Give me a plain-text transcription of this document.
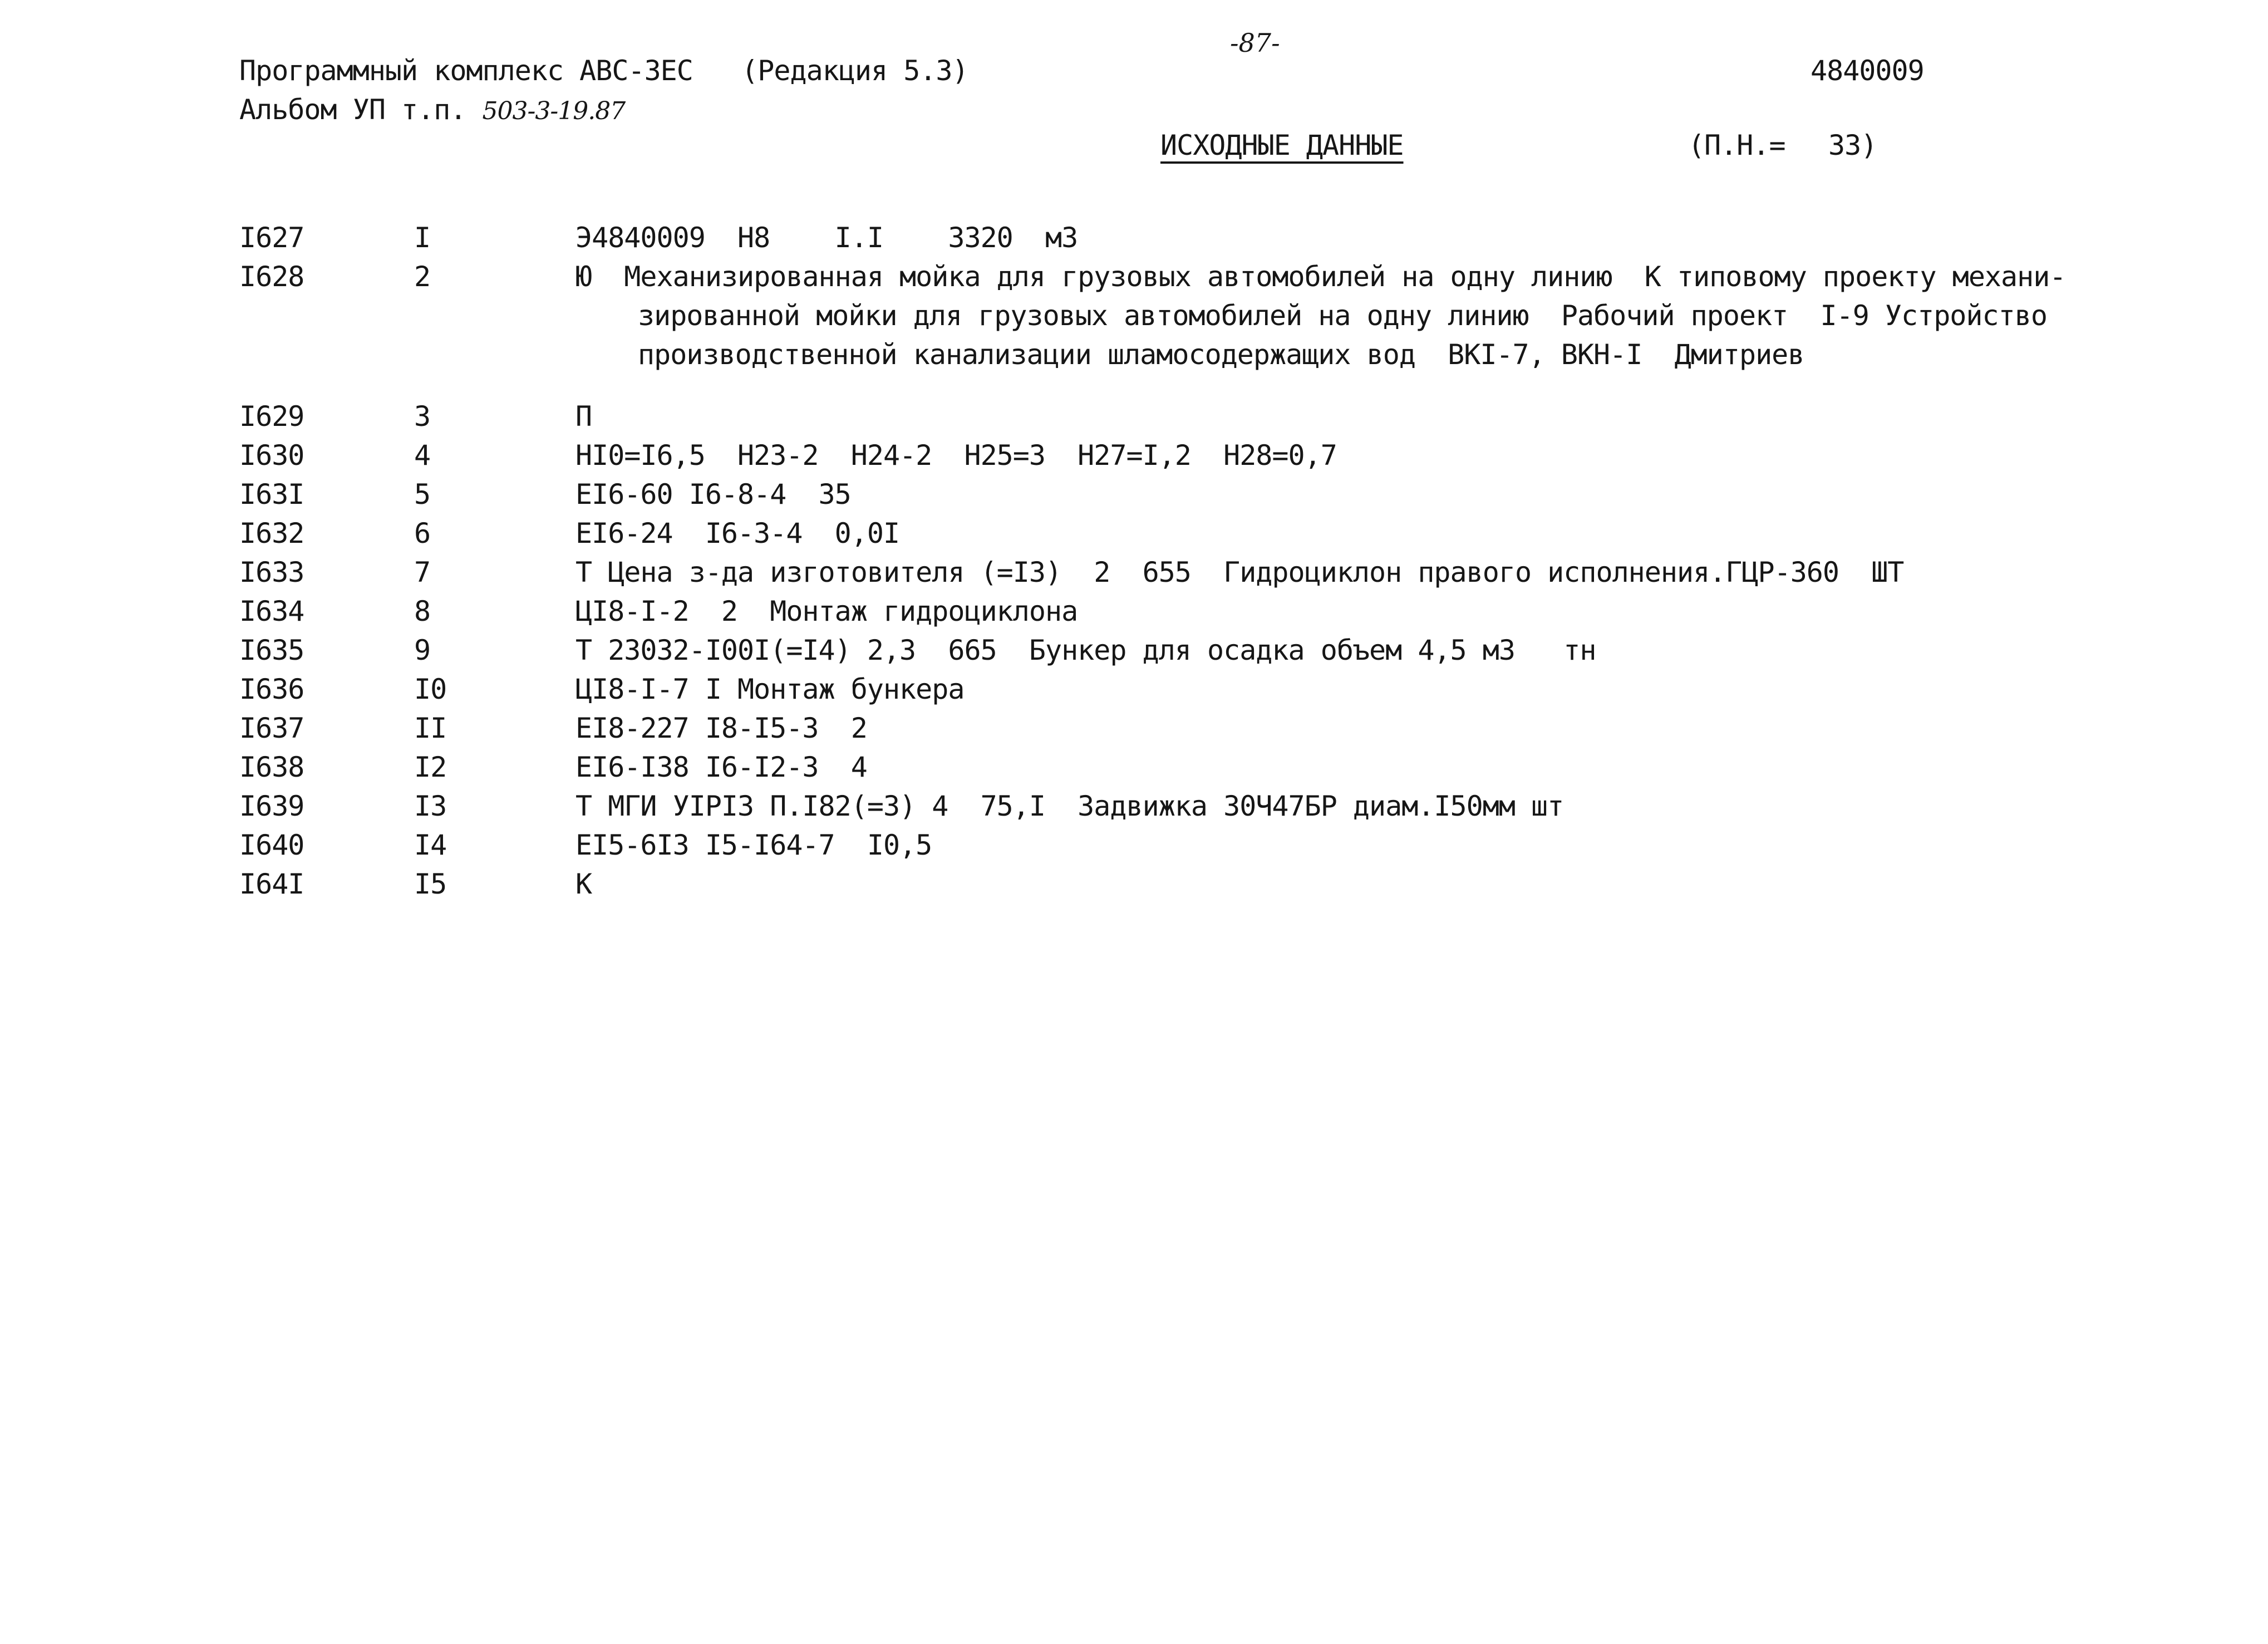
-87-
Программный комплекс АВС-ЗЕС (Редакция 5.3)	4840009
Альбом УП т.п. 503-3-19.87
ИСХОДНЫЕ ДАННЫЕ	(П.Н.= 33)
I627	I	Э4840009  Н8    I.I    3320  м3
I628	2	Ю  Механизированная мойка для грузовых автомобилей на одну линию  К типовому проекту механи-
зированной мойки для грузовых автомобилей на одну линию  Рабочий проект  I-9 Устройство
производственной канализации шламосодержащих вод  ВКI-7, ВКН-I  Дмитриев
I629	3	П
I630	4	НI0=I6,5  Н23-2  Н24-2  Н25=3  Н27=I,2  Н28=0,7
I63I	5	ЕI6-60 I6-8-4  35
I632	6	ЕI6-24  I6-3-4  0,0I
I633	7	Т Цена з-да изготовителя (=I3)  2  655  Гидроциклон правого исполнения.ГЦР-360  ШТ
I634	8	ЦI8-I-2  2  Монтаж гидроциклона
I635	9	Т 23032-I00I(=I4) 2,3  665  Бункер для осадка объем 4,5 м3   тн
I636	I0	ЦI8-I-7 I Монтаж бункера
I637	II	ЕI8-227 I8-I5-3  2
I638	I2	ЕI6-I38 I6-I2-3  4
I639	I3	Т МГИ УIРI3 П.I82(=3) 4  75,I  Задвижка 30Ч47БР диам.I50мм шт
I640	I4	ЕI5-6I3 I5-I64-7  I0,5
I64I	I5	К
